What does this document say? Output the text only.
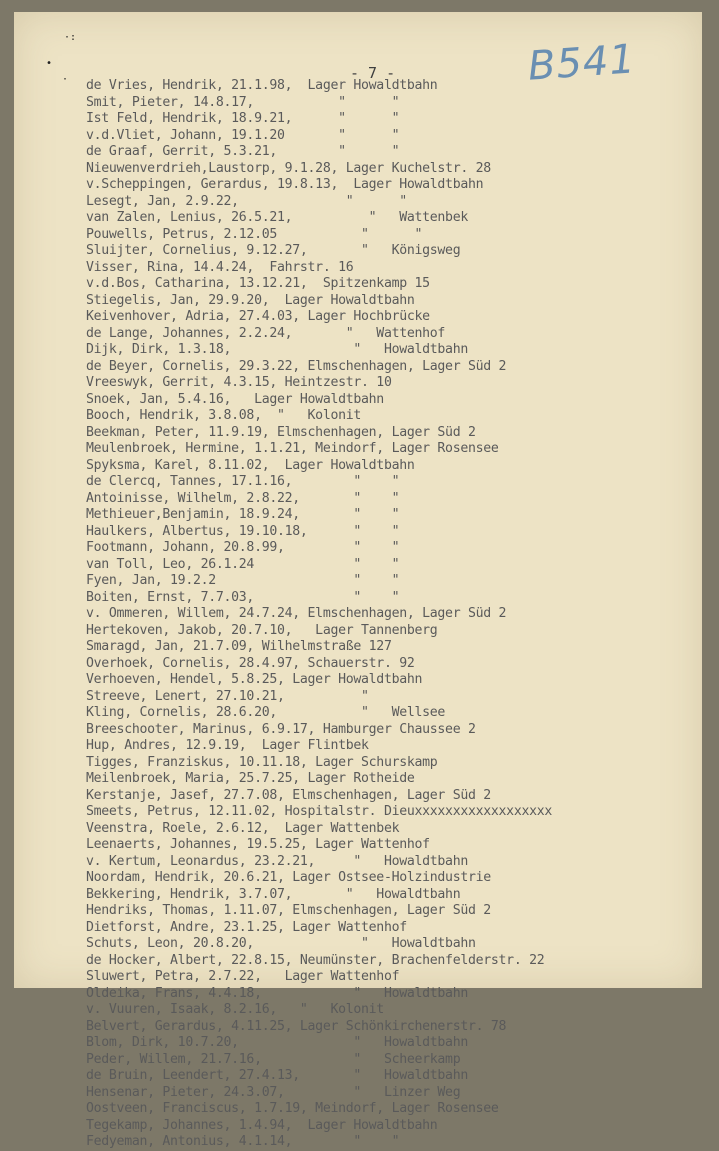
·:
•
·	- 7 -	B541
de Vries, Hendrik, 21.1.98,  Lager Howaldtbahn
Smit, Pieter, 14.8.17,           "      "
Ist Feld, Hendrik, 18.9.21,      "      "
v.d.Vliet, Johann, 19.1.20       "      "
de Graaf, Gerrit, 5.3.21,        "      "
Nieuwenverdrieh,Laustorp, 9.1.28, Lager Kuchelstr. 28
v.Scheppingen, Gerardus, 19.8.13,  Lager Howaldtbahn
Lesegt, Jan, 2.9.22,              "      "
van Zalen, Lenius, 26.5.21,          "   Wattenbek
Pouwells, Petrus, 2.12.05           "      "
Sluijter, Cornelius, 9.12.27,       "   Königsweg
Visser, Rina, 14.4.24,  Fahrstr. 16
v.d.Bos, Catharina, 13.12.21,  Spitzenkamp 15
Stiegelis, Jan, 29.9.20,  Lager Howaldtbahn
Keivenhover, Adria, 27.4.03, Lager Hochbrücke
de Lange, Johannes, 2.2.24,       "   Wattenhof
Dijk, Dirk, 1.3.18,                "   Howaldtbahn
de Beyer, Cornelis, 29.3.22, Elmschenhagen, Lager Süd 2
Vreeswyk, Gerrit, 4.3.15, Heintzestr. 10
Snoek, Jan, 5.4.16,   Lager Howaldtbahn
Booch, Hendrik, 3.8.08,  "   Kolonit
Beekman, Peter, 11.9.19, Elmschenhagen, Lager Süd 2
Meulenbroek, Hermine, 1.1.21, Meindorf, Lager Rosensee
Spyksma, Karel, 8.11.02,  Lager Howaldtbahn
de Clercq, Tannes, 17.1.16,        "    "
Antoinisse, Wilhelm, 2.8.22,       "    "
Methieuer,Benjamin, 18.9.24,       "    "
Haulkers, Albertus, 19.10.18,      "    "
Footmann, Johann, 20.8.99,         "    "
van Toll, Leo, 26.1.24             "    "
Fyen, Jan, 19.2.2                  "    "
Boiten, Ernst, 7.7.03,             "    "
v. Ommeren, Willem, 24.7.24, Elmschenhagen, Lager Süd 2
Hertekoven, Jakob, 20.7.10,   Lager Tannenberg
Smaragd, Jan, 21.7.09, Wilhelmstraße 127
Overhoek, Cornelis, 28.4.97, Schauerstr. 92
Verhoeven, Hendel, 5.8.25, Lager Howaldtbahn
Streeve, Lenert, 27.10.21,          "
Kling, Cornelis, 28.6.20,           "   Wellsee
Breeschooter, Marinus, 6.9.17, Hamburger Chaussee 2
Hup, Andres, 12.9.19,  Lager Flintbek
Tigges, Franziskus, 10.11.18, Lager Schurskamp
Meilenbroek, Maria, 25.7.25, Lager Rotheide
Kerstanje, Jasef, 27.7.08, Elmschenhagen, Lager Süd 2
Smeets, Petrus, 12.11.02, Hospitalstr. Dieuxxxxxxxxxxxxxxxxxx
Veenstra, Roele, 2.6.12,  Lager Wattenbek
Leenaerts, Johannes, 19.5.25, Lager Wattenhof
v. Kertum, Leonardus, 23.2.21,     "   Howaldtbahn
Noordam, Hendrik, 20.6.21, Lager Ostsee-Holzindustrie
Bekkering, Hendrik, 3.7.07,       "   Howaldtbahn
Hendriks, Thomas, 1.11.07, Elmschenhagen, Lager Süd 2
Dietforst, Andre, 23.1.25, Lager Wattenhof
Schuts, Leon, 20.8.20,              "   Howaldtbahn
de Hocker, Albert, 22.8.15, Neumünster, Brachenfelderstr. 22
Sluwert, Petra, 2.7.22,   Lager Wattenhof
Oldeika, Frans, 4.4.18,            "   Howaldtbahn
v. Vuuren, Isaak, 8.2.16,   "   Kolonit
Belvert, Gerardus, 4.11.25, Lager Schönkirchenerstr. 78
Blom, Dirk, 10.7.20,               "   Howaldtbahn
Peder, Willem, 21.7.16,            "   Scheerkamp
de Bruin, Leendert, 27.4.13,       "   Howaldtbahn
Hensenar, Pieter, 24.3.07,         "   Linzer Weg
Oostveen, Franciscus, 1.7.19, Meindorf, Lager Rosensee
Tegekamp, Johannes, 1.4.94,  Lager Howaldtbahn
Fedyeman, Antonius, 4.1.14,        "    "
